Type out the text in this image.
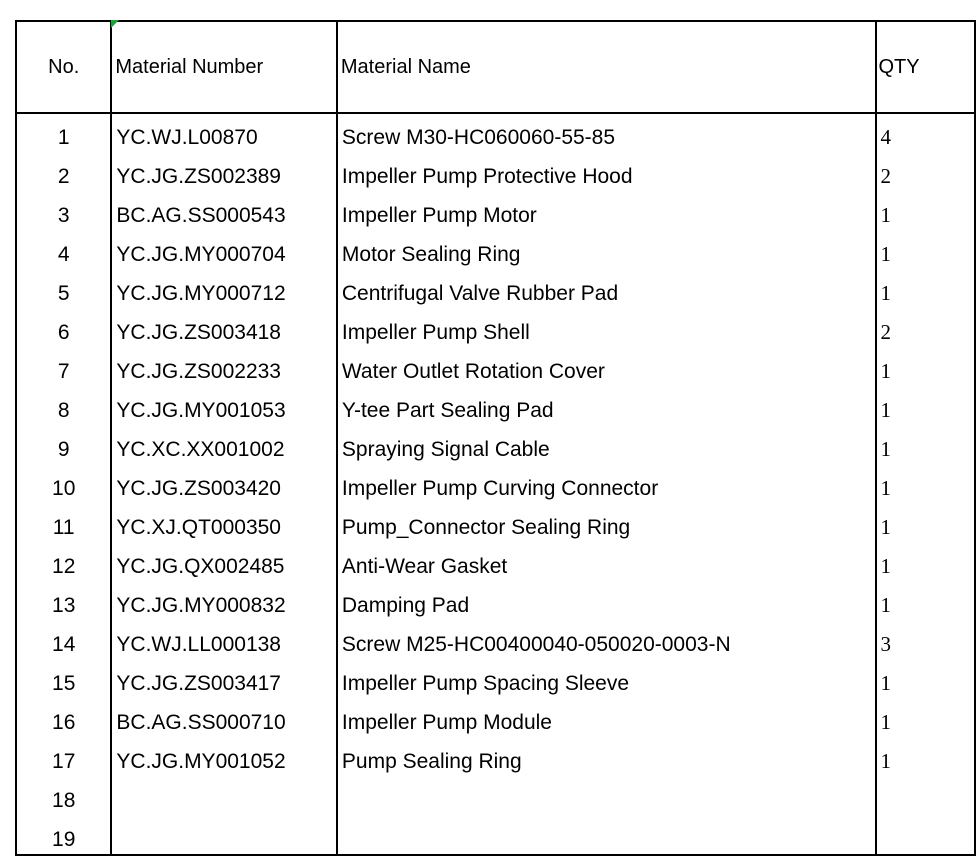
No.	Material Number	Material Name	QTY
1	YC.WJ.L00870	Screw M30-HC060060-55-85	4
2	YC.JG.ZS002389	Impeller Pump Protective Hood	2
3	BC.AG.SS000543	Impeller Pump Motor	1
4	YC.JG.MY000704	Motor Sealing Ring	1
5	YC.JG.MY000712	Centrifugal Valve Rubber Pad	1
6	YC.JG.ZS003418	Impeller Pump Shell	2
7	YC.JG.ZS002233	Water Outlet Rotation Cover	1
8	YC.JG.MY001053	Y-tee Part Sealing Pad	1
9	YC.XC.XX001002	Spraying Signal Cable	1
10	YC.JG.ZS003420	Impeller Pump Curving Connector	1
11	YC.XJ.QT000350	Pump_Connector Sealing Ring	1
12	YC.JG.QX002485	Anti-Wear Gasket	1
13	YC.JG.MY000832	Damping Pad	1
14	YC.WJ.LL000138	Screw M25-HC00400040-050020-0003-N	3
15	YC.JG.ZS003417	Impeller Pump Spacing Sleeve	1
16	BC.AG.SS000710	Impeller Pump Module	1
17	YC.JG.MY001052	Pump Sealing Ring	1
18			
19			
